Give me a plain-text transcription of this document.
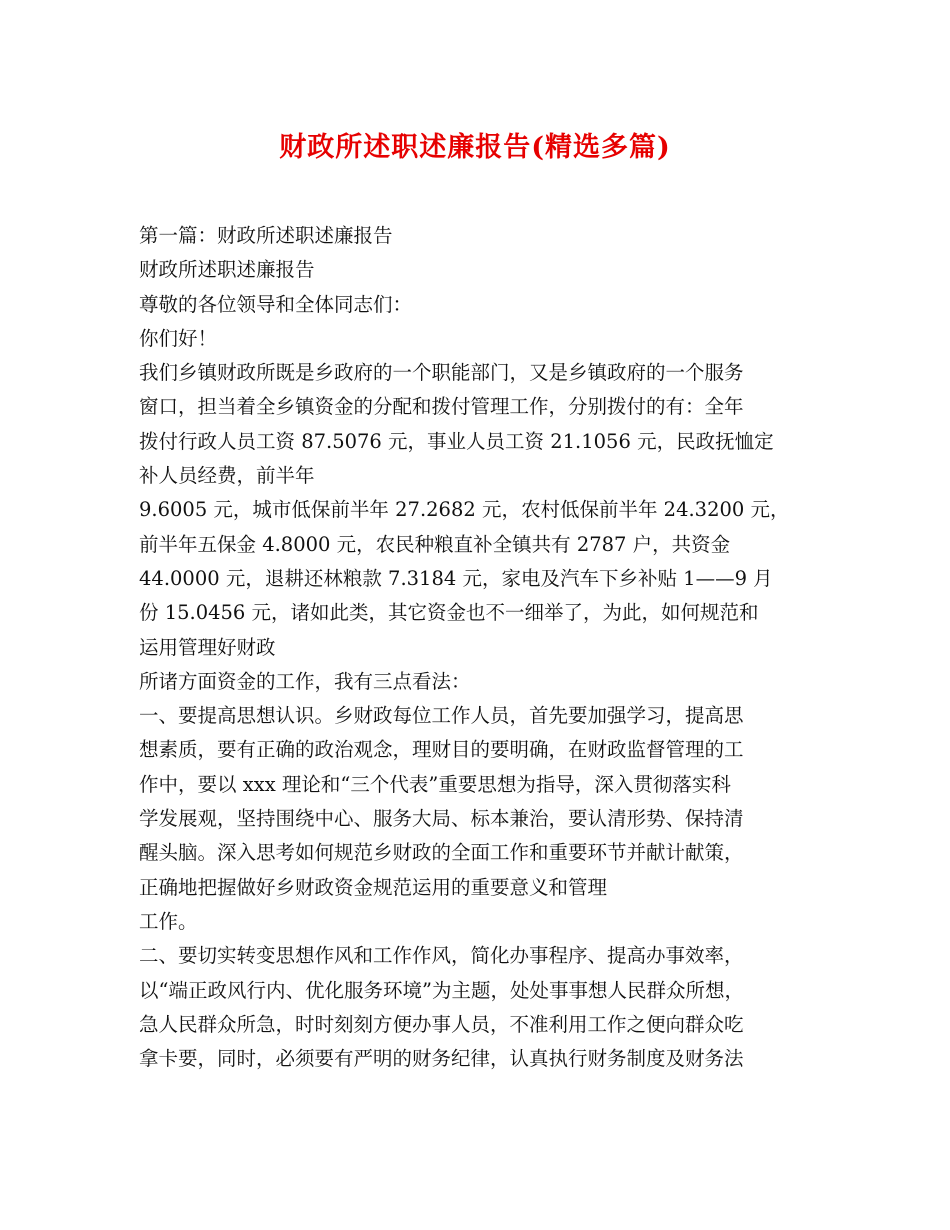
财政所述职述廉报告(精选多篇)
第一篇：财政所述职述廉报告
财政所述职述廉报告
尊敬的各位领导和全体同志们：
你们好！
我们乡镇财政所既是乡政府的一个职能部门，又是乡镇政府的一个服务
窗口，担当着全乡镇资金的分配和拨付管理工作，分别拨付的有：全年
拨付行政人员工资 87.5076 元，事业人员工资 21.1056 元，民政抚恤定
补人员经费，前半年
9.6005 元，城市低保前半年 27.2682 元，农村低保前半年 24.3200 元，
前半年五保金 4.8000 元，农民种粮直补全镇共有 2787 户，共资金
44.0000 元，退耕还林粮款 7.3184 元，家电及汽车下乡补贴 1——9 月
份 15.0456 元，诸如此类，其它资金也不一细举了，为此，如何规范和
运用管理好财政
所诸方面资金的工作，我有三点看法：
一、要提高思想认识。乡财政每位工作人员，首先要加强学习，提高思
想素质，要有正确的政治观念，理财目的要明确，在财政监督管理的工
作中，要以 xxx 理论和“三个代表”重要思想为指导，深入贯彻落实科
学发展观，坚持围绕中心、服务大局、标本兼治，要认清形势、保持清
醒头脑。深入思考如何规范乡财政的全面工作和重要环节并献计献策，
正确地把握做好乡财政资金规范运用的重要意义和管理
工作。
二、要切实转变思想作风和工作作风，简化办事程序、提高办事效率，
以“端正政风行内、优化服务环境”为主题，处处事事想人民群众所想，
急人民群众所急，时时刻刻方便办事人员，不准利用工作之便向群众吃
拿卡要，同时，必须要有严明的财务纪律，认真执行财务制度及财务法
